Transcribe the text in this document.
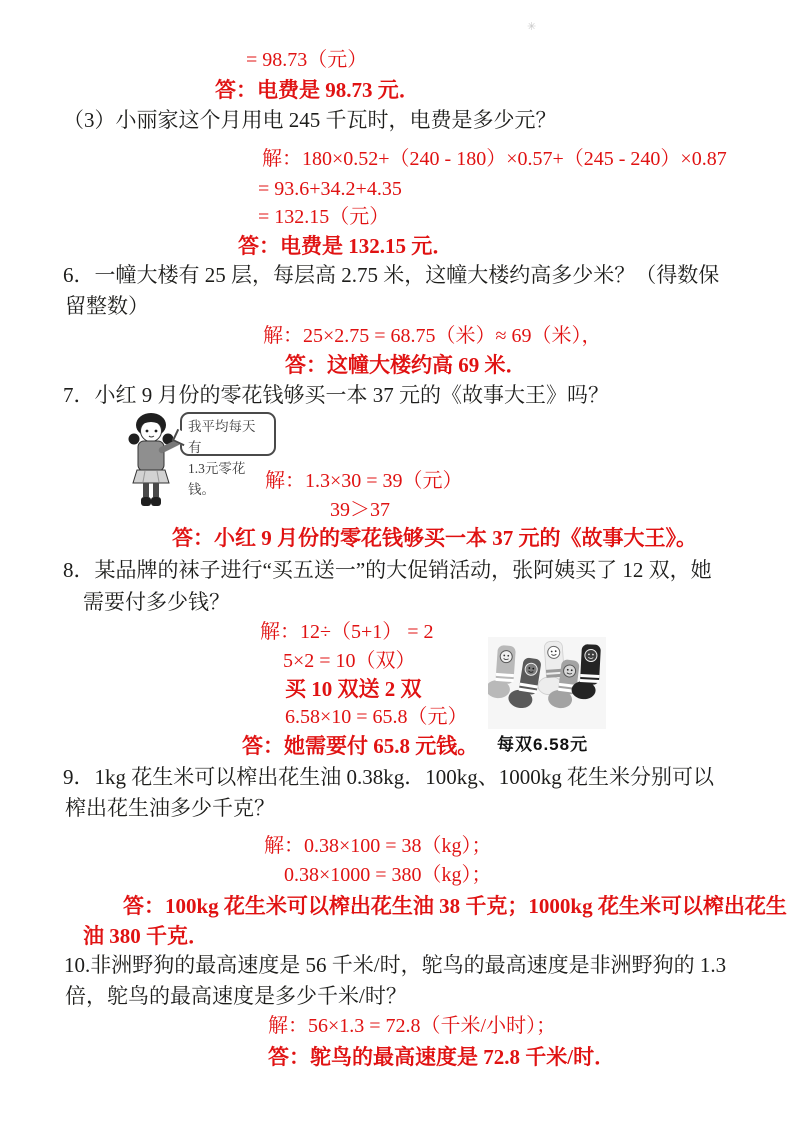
✳
= 98.73（元）
答：电费是 98.73 元．
（3）小丽家这个月用电 245 千瓦时，电费是多少元？
解：180×0.52+（240 - 180）×0.57+（245 - 240）×0.87
= 93.6+34.2+4.35
= 132.15（元）
答：电费是 132.15 元．
6．一幢大楼有 25 层，每层高 2.75 米，这幢大楼约高多少米？（得数保
留整数）
解：25×2.75 = 68.75（米）≈ 69（米），
答：这幢大楼约高 69 米．
7．小红 9 月份的零花钱够买一本 37 元的《故事大王》吗？
我平均每天有
1.3元零花钱。	解：1.3×30 = 39（元）
39＞37
答：小红 9 月份的零花钱够买一本 37 元的《故事大王》。
8．某品牌的袜子进行“买五送一”的大促销活动，张阿姨买了 12 双，她
需要付多少钱？
解：12÷（5+1） = 2
5×2 = 10（双）
买 10 双送 2 双
6.58×10 = 65.8（元）
答：她需要付 65.8 元钱。 每双6.58元
9．1kg 花生米可以榨出花生油 0.38kg．100kg、1000kg 花生米分别可以
榨出花生油多少千克？
解：0.38×100 = 38（kg）；
0.38×1000 = 380（kg）；
答：100kg 花生米可以榨出花生油 38 千克；1000kg 花生米可以榨出花生
油 380 千克．
10.非洲野狗的最高速度是 56 千米/时，鸵鸟的最高速度是非洲野狗的 1.3
倍，鸵鸟的最高速度是多少千米/时？
解：56×1.3 = 72.8（千米/小时）；
答：鸵鸟的最高速度是 72.8 千米/时．
